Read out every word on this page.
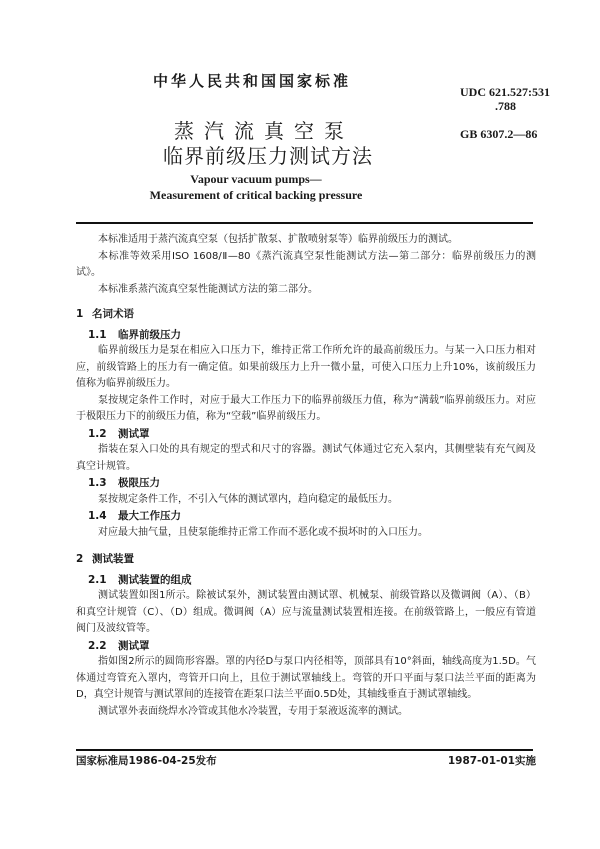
中华人民共和国国家标准
UDC 621.527:531
.788
GB 6307.2—86
蒸汽流真空泵
临界前级压力测试方法
Vapour vacuum pumps—
Measurement of critical backing pressure

本标准适用于蒸汽流真空泵（包括扩散泵、扩散喷射泵等）临界前级压力的测试。

本标准等效采用ISO 1608/Ⅱ—80《蒸汽流真空泵性能测试方法—第二部分：临界前级压力的测试》。

本标准系蒸汽流真空泵性能测试方法的第二部分。

1 名词术语
1.1 临界前级压力

临界前级压力是泵在相应入口压力下，维持正常工作所允许的最高前级压力。与某一入口压力相对应，前级管路上的压力有一确定值。如果前级压力上升一微小量，可使入口压力上升10%，该前级压力值称为临界前级压力。

泵按规定条件工作时，对应于最大工作压力下的临界前级压力值，称为“满载”临界前级压力。对应于极限压力下的前级压力值，称为“空载”临界前级压力。

1.2 测试罩

指装在泵入口处的具有规定的型式和尺寸的容器。测试气体通过它充入泵内，其侧壁装有充气阀及真空计规管。

1.3 极限压力

泵按规定条件工作，不引入气体的测试罩内，趋向稳定的最低压力。

1.4 最大工作压力

对应最大抽气量，且使泵能维持正常工作而不恶化或不损坏时的入口压力。

2 测试装置
2.1 测试装置的组成

测试装置如图1所示。除被试泵外，测试装置由测试罩、机械泵、前级管路以及微调阀（A）、（B）和真空计规管（C）、（D）组成。微调阀（A）应与流量测试装置相连接。在前级管路上，一般应有管道阀门及波纹管等。

2.2 测试罩

指如图2所示的圆筒形容器。罩的内径D与泵口内径相等，顶部具有10°斜面，轴线高度为1.5D。气体通过弯管充入罩内，弯管开口向上，且位于测试罩轴线上。弯管的开口平面与泵口法兰平面的距离为D，真空计规管与测试罩间的连接管在距泵口法兰平面0.5D处，其轴线垂直于测试罩轴线。

测试罩外表面绕焊水冷管或其他水冷装置，专用于泵液返流率的测试。

国家标准局1986-04-25发布	1987-01-01实施
